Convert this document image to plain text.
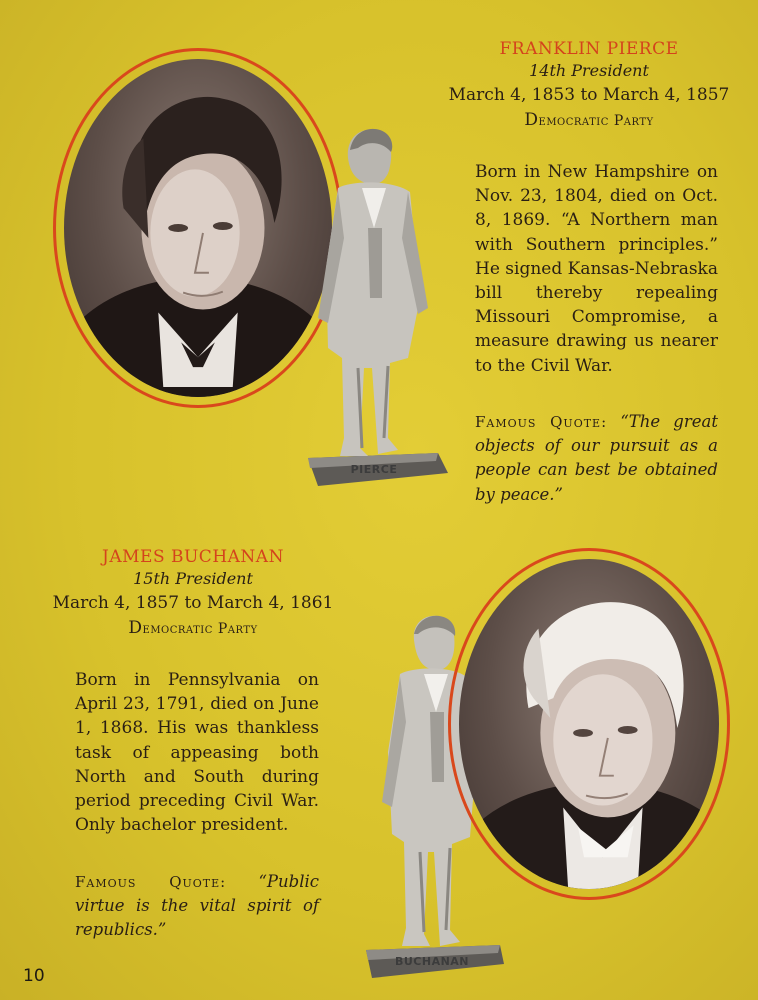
PIERCE

FRANKLIN PIERCE

14th President

March 4, 1853 to March 4, 1857

Democratic Party

Born in New Hampshire on Nov. 23, 1804, died on Oct. 8, 1869. “A Northern man with Southern principles.” He signed Kansas-Nebraska bill thereby repealing Missouri Compromise, a measure drawing us nearer to the Civil War.

Famous Quote: “The great objects of our pursuit as a people can best be obtained by peace.”

JAMES BUCHANAN

15th President

March 4, 1857 to March 4, 1861

Democratic Party

Born in Pennsylvania on April 23, 1791, died on June 1, 1868. His was thankless task of appeasing both North and South during period preceding Civil War. Only bachelor president.

Famous Quote: “Public virtue is the vital spirit of republics.”

BUCHANAN
10
